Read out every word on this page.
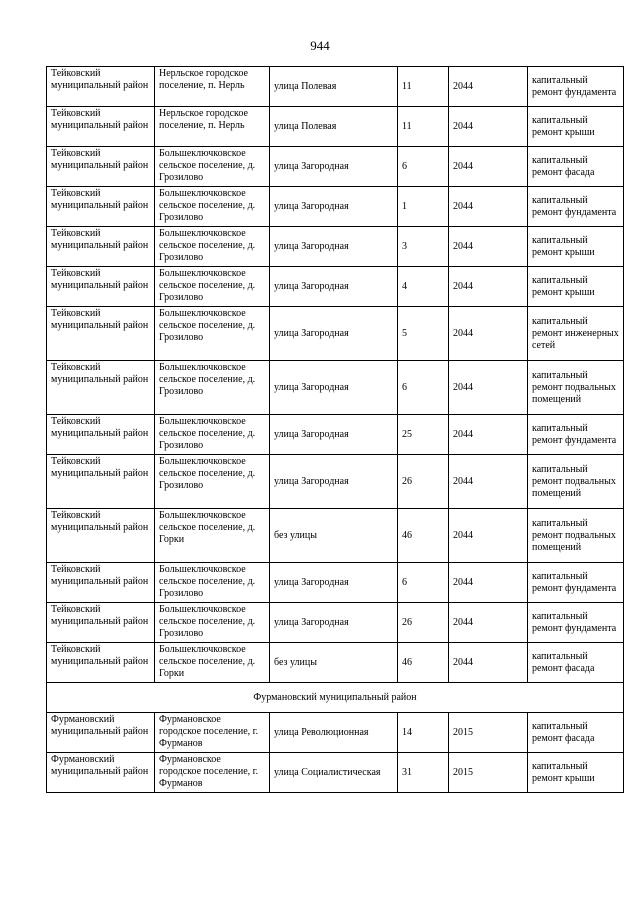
944
Тейковский муниципальный район	Нерльское городское поселение, п. Нерль	улица Полевая	11	2044	капитальный ремонт фундамента
Тейковский муниципальный район	Нерльское городское поселение, п. Нерль	улица Полевая	11	2044	капитальный ремонт крыши
Тейковский муниципальный район	Большеключковское сельское поселение, д. Грозилово	улица Загородная	6	2044	капитальный ремонт фасада
Тейковский муниципальный район	Большеключковское сельское поселение, д. Грозилово	улица Загородная	1	2044	капитальный ремонт фундамента
Тейковский муниципальный район	Большеключковское сельское поселение, д. Грозилово	улица Загородная	3	2044	капитальный ремонт крыши
Тейковский муниципальный район	Большеключковское сельское поселение, д. Грозилово	улица Загородная	4	2044	капитальный ремонт крыши
Тейковский муниципальный район	Большеключковское сельское поселение, д. Грозилово	улица Загородная	5	2044	капитальный ремонт инженерных сетей
Тейковский муниципальный район	Большеключковское сельское поселение, д. Грозилово	улица Загородная	6	2044	капитальный ремонт подвальных помещений
Тейковский муниципальный район	Большеключковское сельское поселение, д. Грозилово	улица Загородная	25	2044	капитальный ремонт фундамента
Тейковский муниципальный район	Большеключковское сельское поселение, д. Грозилово	улица Загородная	26	2044	капитальный ремонт подвальных помещений
Тейковский муниципальный район	Большеключковское сельское поселение, д. Горки	без улицы	46	2044	капитальный ремонт подвальных помещений
Тейковский муниципальный район	Большеключковское сельское поселение, д. Грозилово	улица Загородная	6	2044	капитальный ремонт фундамента
Тейковский муниципальный район	Большеключковское сельское поселение, д. Грозилово	улица Загородная	26	2044	капитальный ремонт фундамента
Тейковский муниципальный район	Большеключковское сельское поселение, д. Горки	без улицы	46	2044	капитальный ремонт фасада
Фурмановский муниципальный район					
Фурмановский муниципальный район	Фурмановское городское поселение, г. Фурманов	улица Революционная	14	2015	капитальный ремонт фасада
Фурмановский муниципальный район	Фурмановское городское поселение, г. Фурманов	улица Социалистическая	31	2015	капитальный ремонт крыши
